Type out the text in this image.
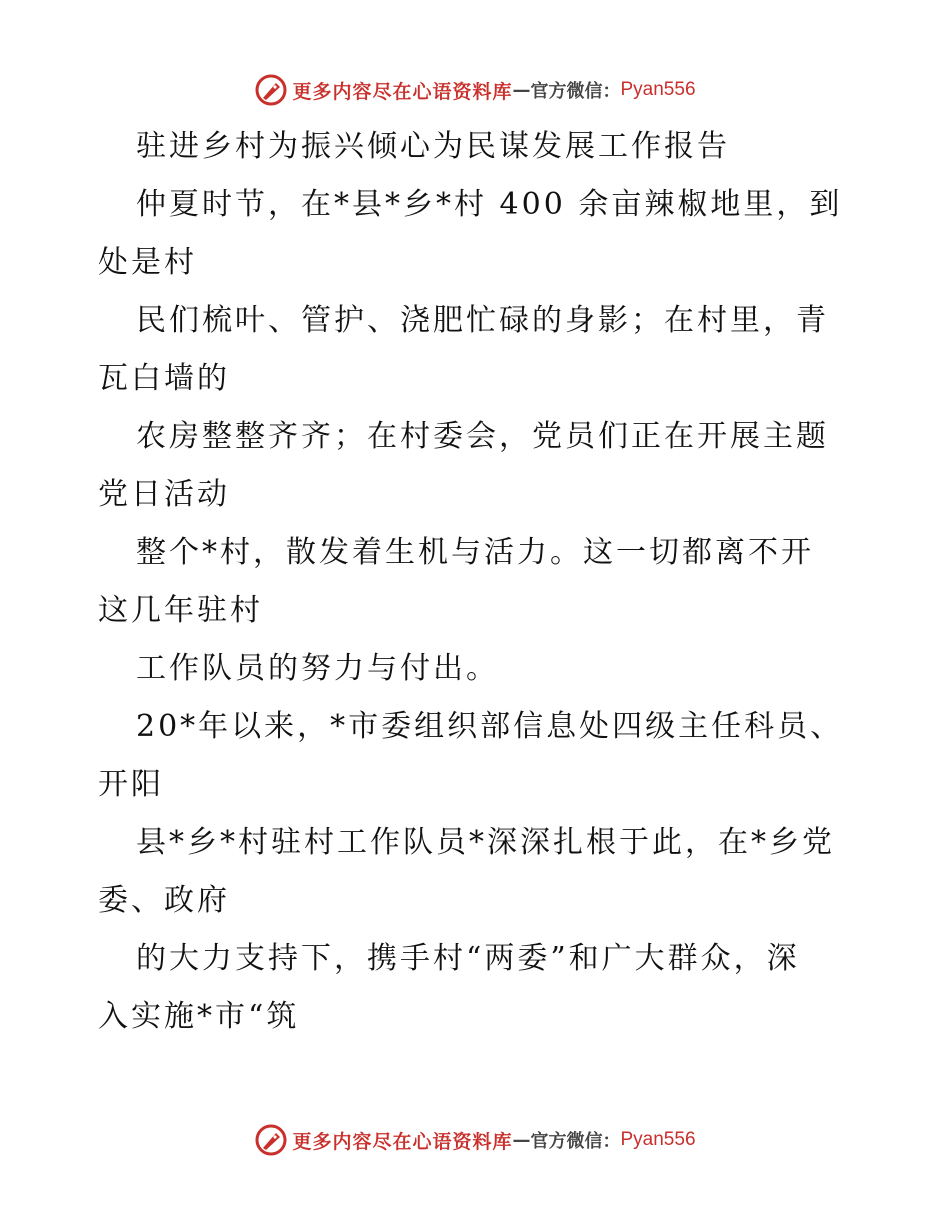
更多内容尽在心语资料库 — 官方微信： Pyan556
驻进乡村为振兴倾心为民谋发展工作报告
仲夏时节，在*县*乡*村 400 余亩辣椒地里，到
处是村
民们梳叶、管护、浇肥忙碌的身影；在村里，青
瓦白墙的
农房整整齐齐；在村委会，党员们正在开展主题
党日活动
整个*村，散发着生机与活力。这一切都离不开
这几年驻村
工作队员的努力与付出。
20*年以来，*市委组织部信息处四级主任科员、
开阳
县*乡*村驻村工作队员*深深扎根于此，在*乡党
委、政府
的大力支持下，携手村“两委”和广大群众，深
入实施*市“筑
更多内容尽在心语资料库 — 官方微信： Pyan556
